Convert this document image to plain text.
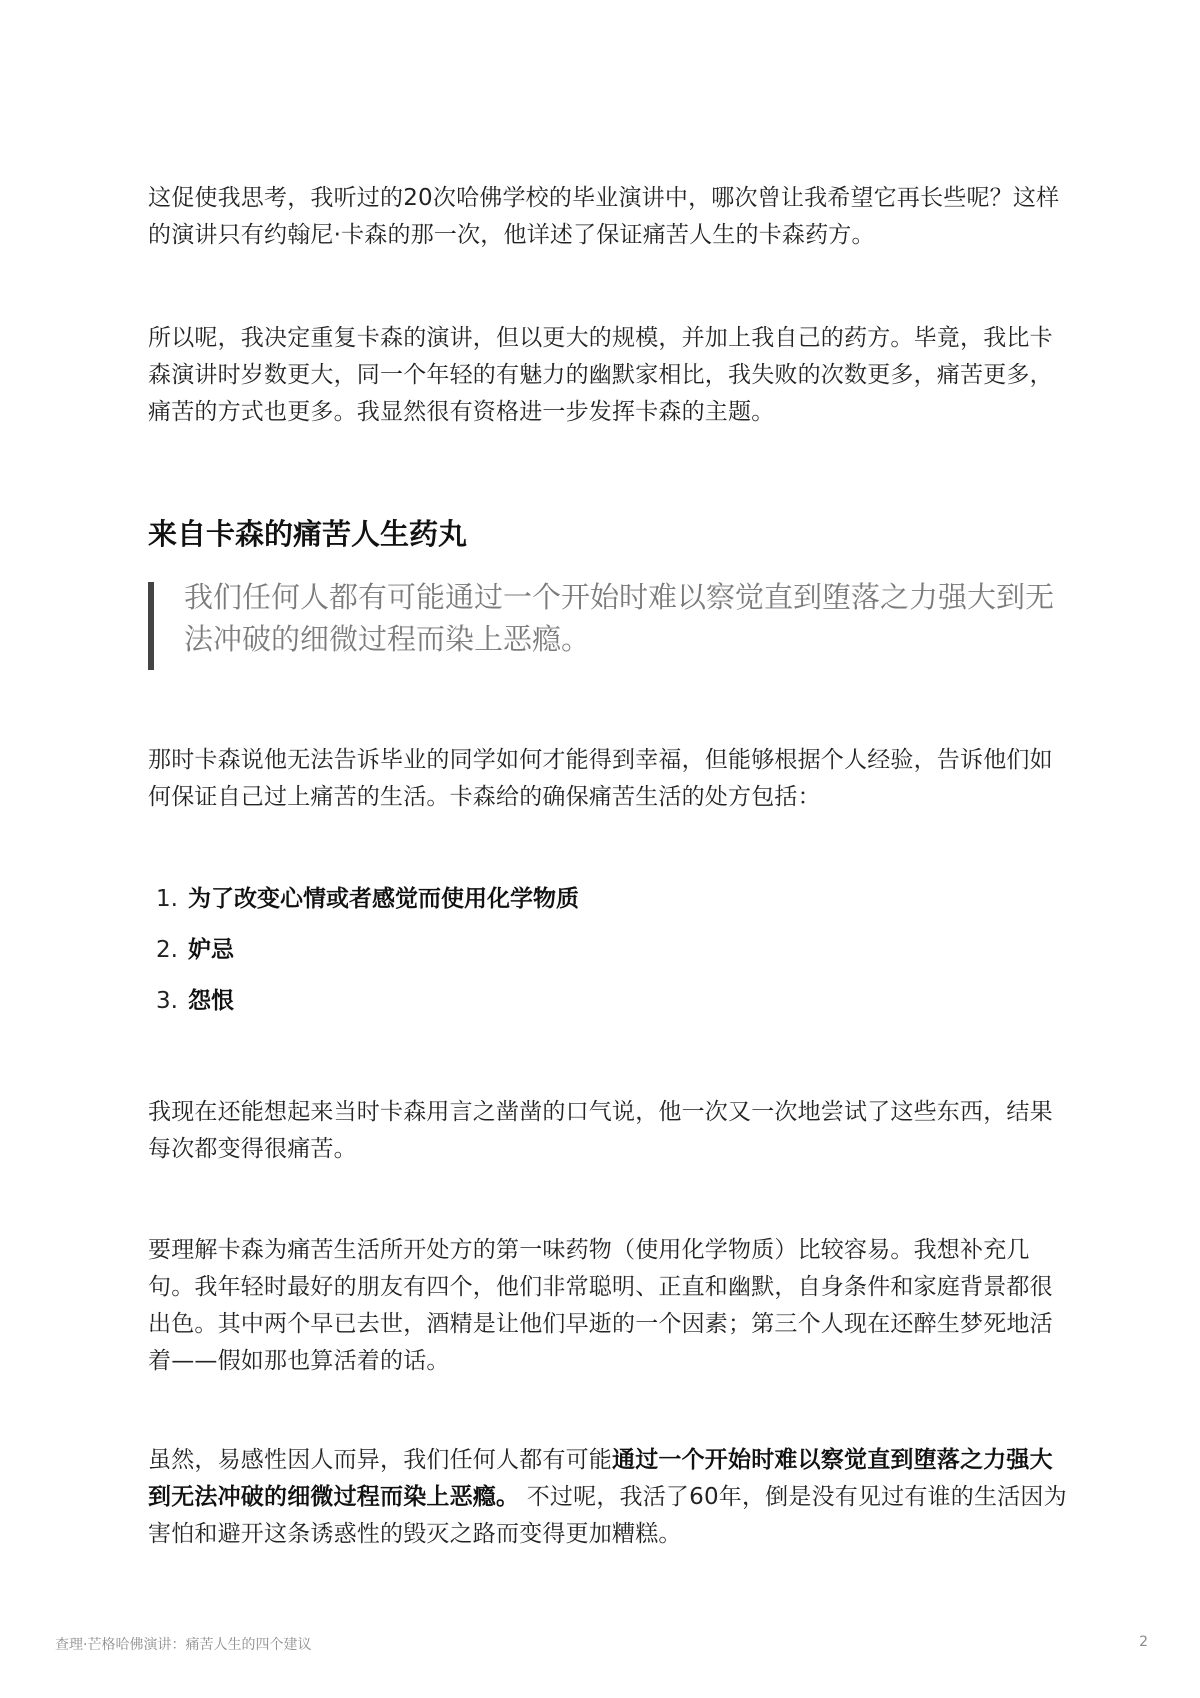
这促使我思考，我听过的20次哈佛学校的毕业演讲中，哪次曾让我希望它再长些呢？这样的演讲只有约翰尼·卡森的那一次，他详述了保证痛苦人生的卡森药方。

所以呢，我决定重复卡森的演讲，但以更大的规模，并加上我自己的药方。毕竟，我比卡森演讲时岁数更大，同一个年轻的有魅力的幽默家相比，我失败的次数更多，痛苦更多，痛苦的方式也更多。我显然很有资格进一步发挥卡森的主题。

来自卡森的痛苦人生药丸

我们任何人都有可能通过一个开始时难以察觉直到堕落之力强大到无法冲破的细微过程而染上恶瘾。

那时卡森说他无法告诉毕业的同学如何才能得到幸福，但能够根据个人经验，告诉他们如何保证自己过上痛苦的生活。卡森给的确保痛苦生活的处方包括：

1. 为了改变心情或者感觉而使用化学物质
2. 妒忌
3. 怨恨

我现在还能想起来当时卡森用言之凿凿的口气说，他一次又一次地尝试了这些东西，结果每次都变得很痛苦。

要理解卡森为痛苦生活所开处方的第一味药物（使用化学物质）比较容易。我想补充几句。我年轻时最好的朋友有四个，他们非常聪明、正直和幽默，自身条件和家庭背景都很出色。其中两个早已去世，酒精是让他们早逝的一个因素；第三个人现在还醉生梦死地活着——假如那也算活着的话。

虽然，易感性因人而异，我们任何人都有可能通过一个开始时难以察觉直到堕落之力强大到无法冲破的细微过程而染上恶瘾。 不过呢，我活了60年，倒是没有见过有谁的生活因为害怕和避开这条诱惑性的毁灭之路而变得更加糟糕。

查理·芒格哈佛演讲：痛苦人生的四个建议	2
